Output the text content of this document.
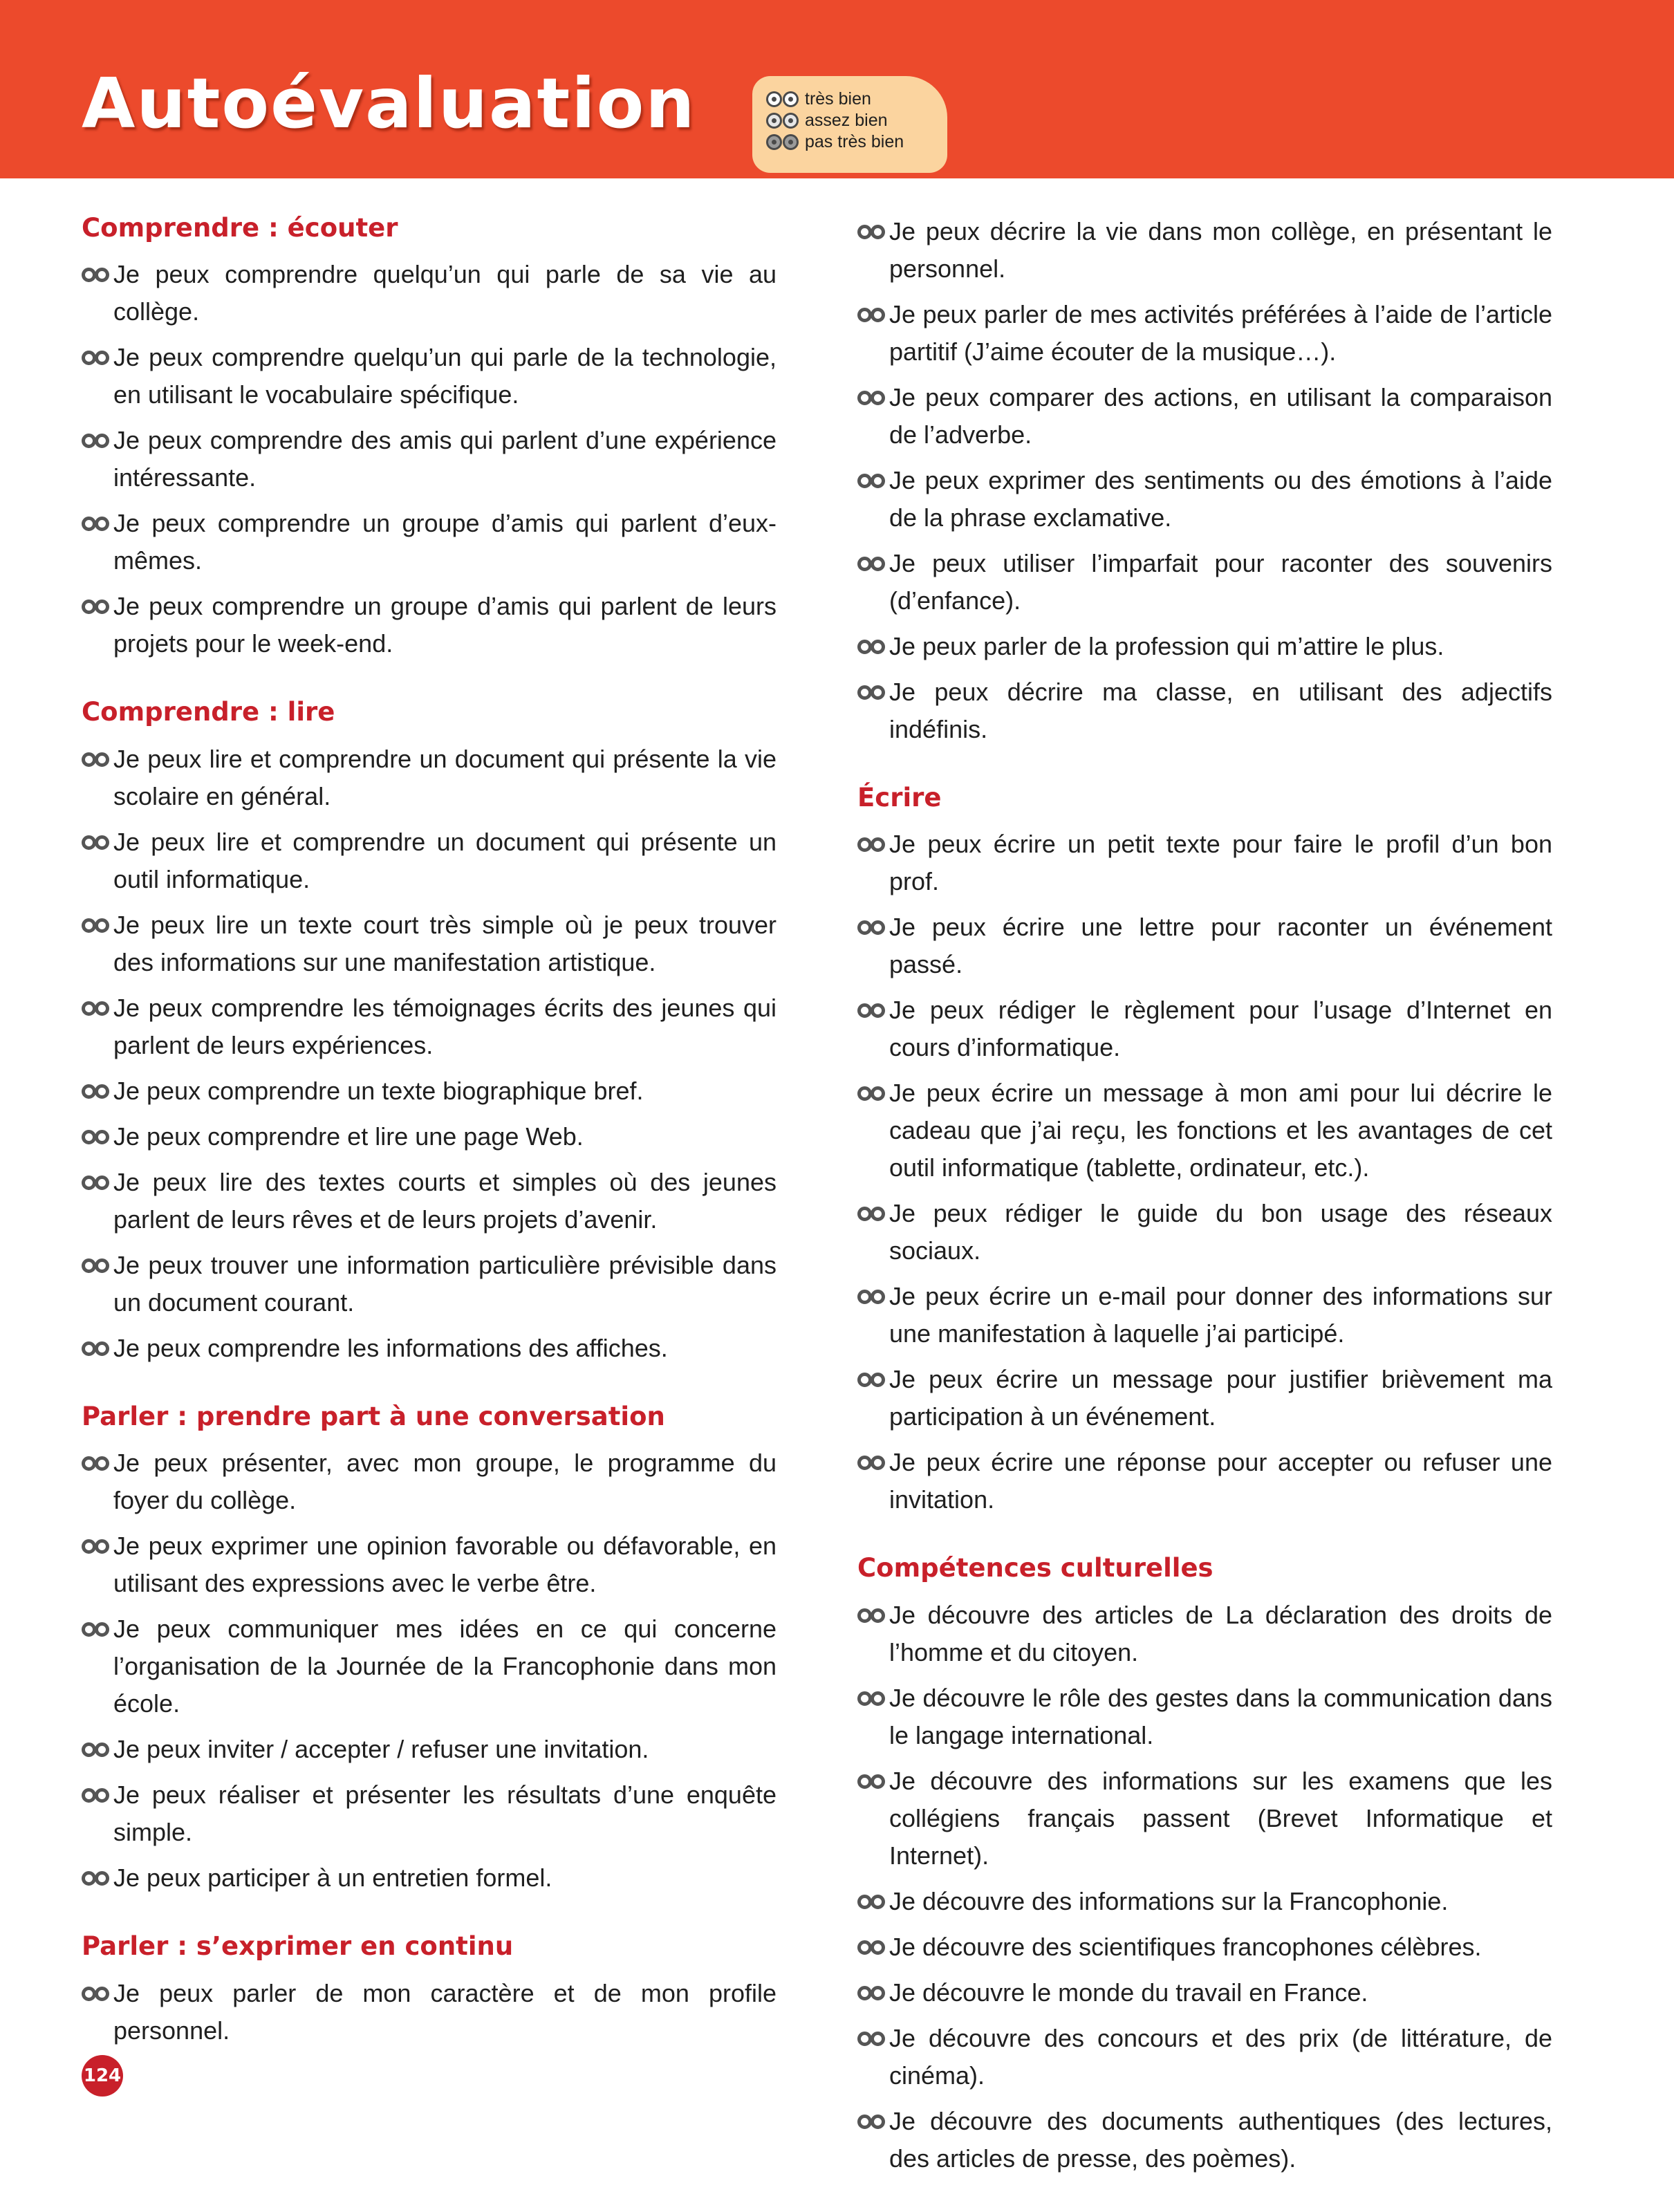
Autoévaluation	très bien
assez bien
pas très bien
Comprendre : écouter
Je peux comprendre quelqu’un qui parle de sa vie au collège.
Je peux comprendre quelqu’un qui parle de la technologie, en utilisant le vocabulaire spécifique.
Je peux comprendre des amis qui parlent d’une expérience intéressante.
Je peux comprendre un groupe d’amis qui parlent d’eux-mêmes.
Je peux comprendre un groupe d’amis qui parlent de leurs projets pour le week-end.
Comprendre : lire
Je peux lire et comprendre un document qui présente la vie scolaire en général.
Je peux lire et comprendre un document qui présente un outil informatique.
Je peux lire un texte court très simple où je peux trouver des informations sur une manifestation artistique.
Je peux comprendre les témoignages écrits des jeunes qui parlent de leurs expériences.
Je peux comprendre un texte biographique bref.
Je peux comprendre et lire une page Web.
Je peux lire des textes courts et simples où des jeunes parlent de leurs rêves et de leurs projets d’avenir.
Je peux trouver une information particulière prévisible dans un document courant.
Je peux comprendre les informations des affiches.
Parler : prendre part à une conversation
Je peux présenter, avec mon groupe, le programme du foyer du collège.
Je peux exprimer une opinion favorable ou défavorable, en utilisant des expressions avec le verbe être.
Je peux communiquer mes idées en ce qui concerne l’organisation de la Journée de la Francophonie dans mon école.
Je peux inviter / accepter / refuser une invitation.
Je peux réaliser et présenter les résultats d’une enquête simple.
Je peux participer à un entretien formel.
Parler : s’exprimer en continu
Je peux parler de mon caractère et de mon profile personnel.
Je peux décrire la vie dans mon collège, en présentant le personnel.
Je peux parler de mes activités préférées à l’aide de l’article partitif (J’aime écouter de la musique…).
Je peux comparer des actions, en utilisant la comparaison de l’adverbe.
Je peux exprimer des sentiments ou des émotions à l’aide de la phrase exclamative.
Je peux utiliser l’imparfait pour raconter des souvenirs (d’enfance).
Je peux parler de la profession qui m’attire le plus.
Je peux décrire ma classe, en utilisant des adjectifs indéfinis.
Écrire
Je peux écrire un petit texte pour faire le profil d’un bon prof.
Je peux écrire une lettre pour raconter un événement passé.
Je peux rédiger le règlement pour l’usage d’Internet en cours d’informatique.
Je peux écrire un message à mon ami pour lui décrire le cadeau que j’ai reçu, les fonctions et les avantages de cet outil informatique (tablette, ordinateur, etc.).
Je peux rédiger le guide du bon usage des réseaux sociaux.
Je peux écrire un e-mail pour donner des informations sur une manifestation à laquelle j’ai participé.
Je peux écrire un message pour justifier brièvement ma participation à un événement.
Je peux écrire une réponse pour accepter ou refuser une invitation.
Compétences culturelles
Je découvre des articles de La déclaration des droits de l’homme et du citoyen.
Je découvre le rôle des gestes dans la communication dans le langage international.
Je découvre des informations sur les examens que les collégiens français passent (Brevet Informatique et Internet).
Je découvre des informations sur la Francophonie.
Je découvre des scientifiques francophones célèbres.
Je découvre le monde du travail en France.
Je découvre des concours et des prix (de littérature, de cinéma).
Je découvre des documents authentiques (des lectures, des articles de presse, des poèmes).
124
